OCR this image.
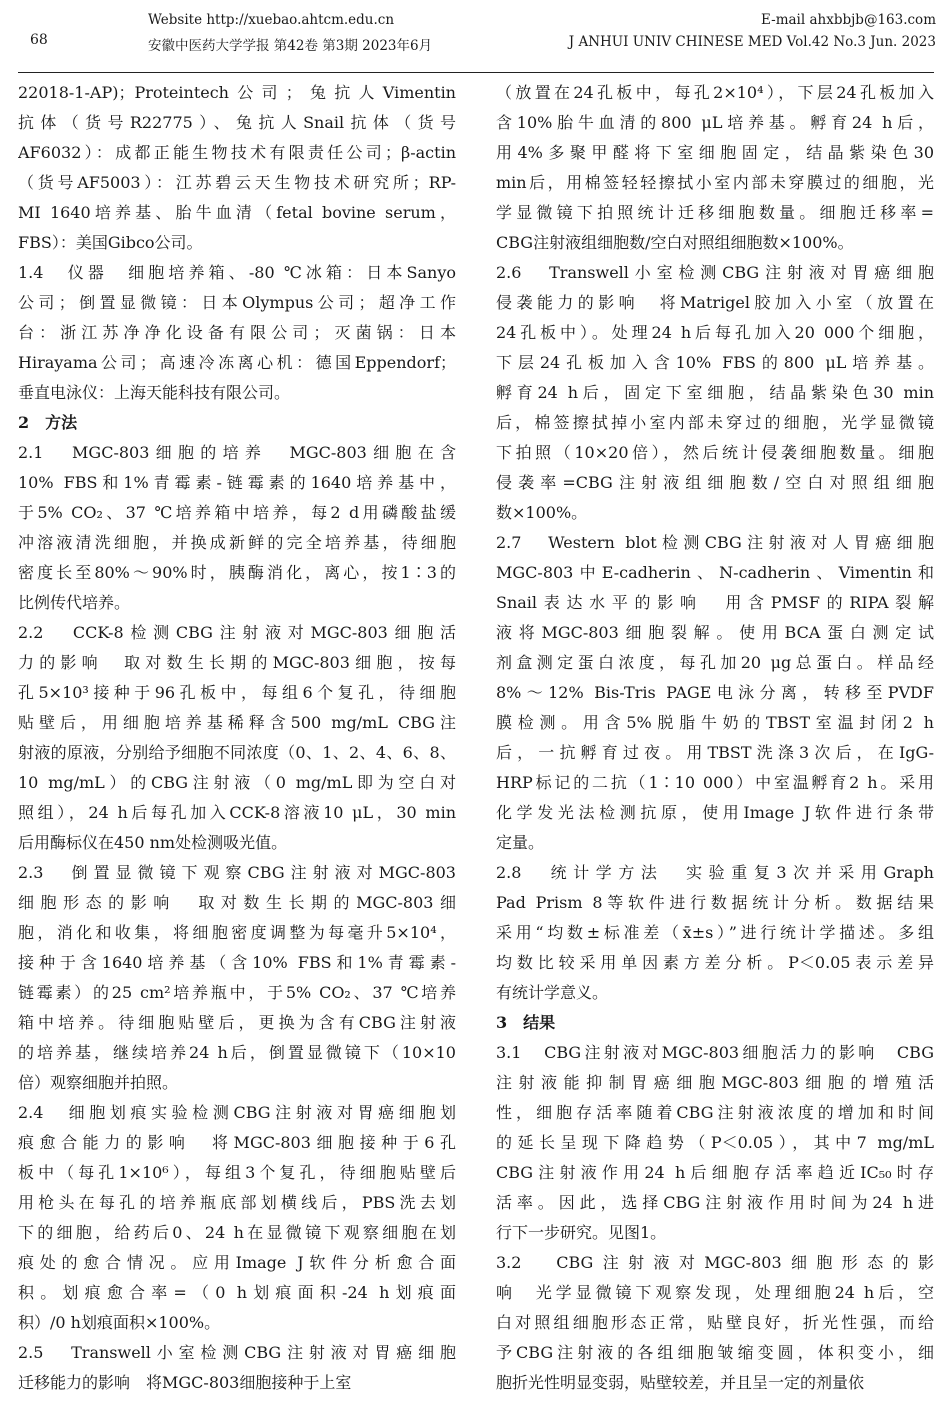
68
Website http://xuebao.ahtcm.edu.cn
安徽中医药大学学报 第42卷 第3期 2023年6月
E-mail ahxbbjb@163.com
J ANHUI UNIV CHINESE MED Vol.42 No.3 Jun. 2023
22018-1-AP)；Proteintech公司；兔抗人Vimentin
抗体（货号R22775）、兔抗人Snail抗体（货号
AF6032）：成都正能生物技术有限责任公司；β-actin
（货号AF5003）：江苏碧云天生物技术研究所；RP-
MI 1640培养基、胎牛血清（fetal bovine serum，
FBS）：美国Gibco公司。
1.4　仪器　细胞培养箱、-80 ℃冰箱：日本Sanyo
公司；倒置显微镜：日本Olympus公司；超净工作
台：浙江苏净净化设备有限公司；灭菌锅：日本
Hirayama公司；高速冷冻离心机：德国Eppendorf；
垂直电泳仪：上海天能科技有限公司。
2　方法
2.1　MGC-803细胞的培养　MGC-803细胞在含
10% FBS和1%青霉素-链霉素的1640培养基中，
于5% CO₂、37 ℃培养箱中培养，每2 d用磷酸盐缓
冲溶液清洗细胞，并换成新鲜的完全培养基，待细胞
密度长至80%～90%时，胰酶消化，离心，按1∶3的
比例传代培养。
2.2　CCK-8检测CBG注射液对MGC-803细胞活
力的影响　取对数生长期的MGC-803细胞，按每
孔5×10³接种于96孔板中，每组6个复孔，待细胞
贴壁后，用细胞培养基稀释含500 mg/mL CBG注
射液的原液，分别给予细胞不同浓度（0、1、2、4、6、8、
10 mg/mL）的CBG注射液（0 mg/mL即为空白对
照组），24 h后每孔加入CCK-8溶液10 μL，30 min
后用酶标仪在450 nm处检测吸光值。
2.3　倒置显微镜下观察CBG注射液对MGC-803
细胞形态的影响　取对数生长期的MGC-803细
胞，消化和收集，将细胞密度调整为每毫升5×10⁴，
接种于含1640培养基（含10% FBS和1%青霉素-
链霉素）的25 cm²培养瓶中，于5% CO₂、37 ℃培养
箱中培养。待细胞贴壁后，更换为含有CBG注射液
的培养基，继续培养24 h后，倒置显微镜下（10×10
倍）观察细胞并拍照。
2.4　细胞划痕实验检测CBG注射液对胃癌细胞划
痕愈合能力的影响　将MGC-803细胞接种于6孔
板中（每孔1×10⁶），每组3个复孔，待细胞贴壁后
用枪头在每孔的培养瓶底部划横线后，PBS洗去划
下的细胞，给药后0、24 h在显微镜下观察细胞在划
痕处的愈合情况。应用Image J软件分析愈合面
积。划痕愈合率=（0 h划痕面积-24 h划痕面
积）/0 h划痕面积×100%。
2.5　Transwell小室检测CBG注射液对胃癌细胞
迁移能力的影响　将MGC-803细胞接种于上室
（放置在24孔板中，每孔2×10⁴），下层24孔板加入
含10%胎牛血清的800 μL培养基。孵育24 h后，
用4%多聚甲醛将下室细胞固定，结晶紫染色30
min后，用棉签轻轻擦拭小室内部未穿膜过的细胞，光
学显微镜下拍照统计迁移细胞数量。细胞迁移率=
CBG注射液组细胞数/空白对照组细胞数×100%。
2.6　Transwell小室检测CBG注射液对胃癌细胞
侵袭能力的影响　将Matrigel胶加入小室（放置在
24孔板中）。处理24 h后每孔加入20 000个细胞，
下层24孔板加入含10% FBS的800 μL培养基。
孵育24 h后，固定下室细胞，结晶紫染色30 min
后，棉签擦拭掉小室内部未穿过的细胞，光学显微镜
下拍照（10×20倍），然后统计侵袭细胞数量。细胞
侵袭率=CBG注射液组细胞数/空白对照组细胞
数×100%。
2.7　Western blot检测CBG注射液对人胃癌细胞
MGC-803中E-cadherin、N-cadherin、Vimentin和
Snail表达水平的影响　用含PMSF的RIPA裂解
液将MGC-803细胞裂解。使用BCA蛋白测定试
剂盒测定蛋白浓度，每孔加20 μg总蛋白。样品经
8%～12% Bis-Tris PAGE电泳分离，转移至PVDF
膜检测。用含5%脱脂牛奶的TBST室温封闭2 h
后，一抗孵育过夜。用TBST洗涤3次后，在IgG-
HRP标记的二抗（1∶10 000）中室温孵育2 h。采用
化学发光法检测抗原，使用Image J软件进行条带
定量。
2.8　统计学方法　实验重复3次并采用Graph
Pad Prism 8等软件进行数据统计分析。数据结果
采用“均数±标准差（x̄±s）”进行统计学描述。多组
均数比较采用单因素方差分析。P＜0.05表示差异
有统计学意义。
3　结果
3.1　CBG注射液对MGC-803细胞活力的影响　CBG
注射液能抑制胃癌细胞MGC-803细胞的增殖活
性，细胞存活率随着CBG注射液浓度的增加和时间
的延长呈现下降趋势（P＜0.05），其中7 mg/mL
CBG注射液作用24 h后细胞存活率趋近IC₅₀时存
活率。因此，选择CBG注射液作用时间为24 h进
行下一步研究。见图1。
3.2　CBG注射液对MGC-803细胞形态的影
响　光学显微镜下观察发现，处理细胞24 h后，空
白对照组细胞形态正常，贴壁良好，折光性强，而给
予CBG注射液的各组细胞皱缩变圆，体积变小，细
胞折光性明显变弱，贴壁较差，并且呈一定的剂量依
